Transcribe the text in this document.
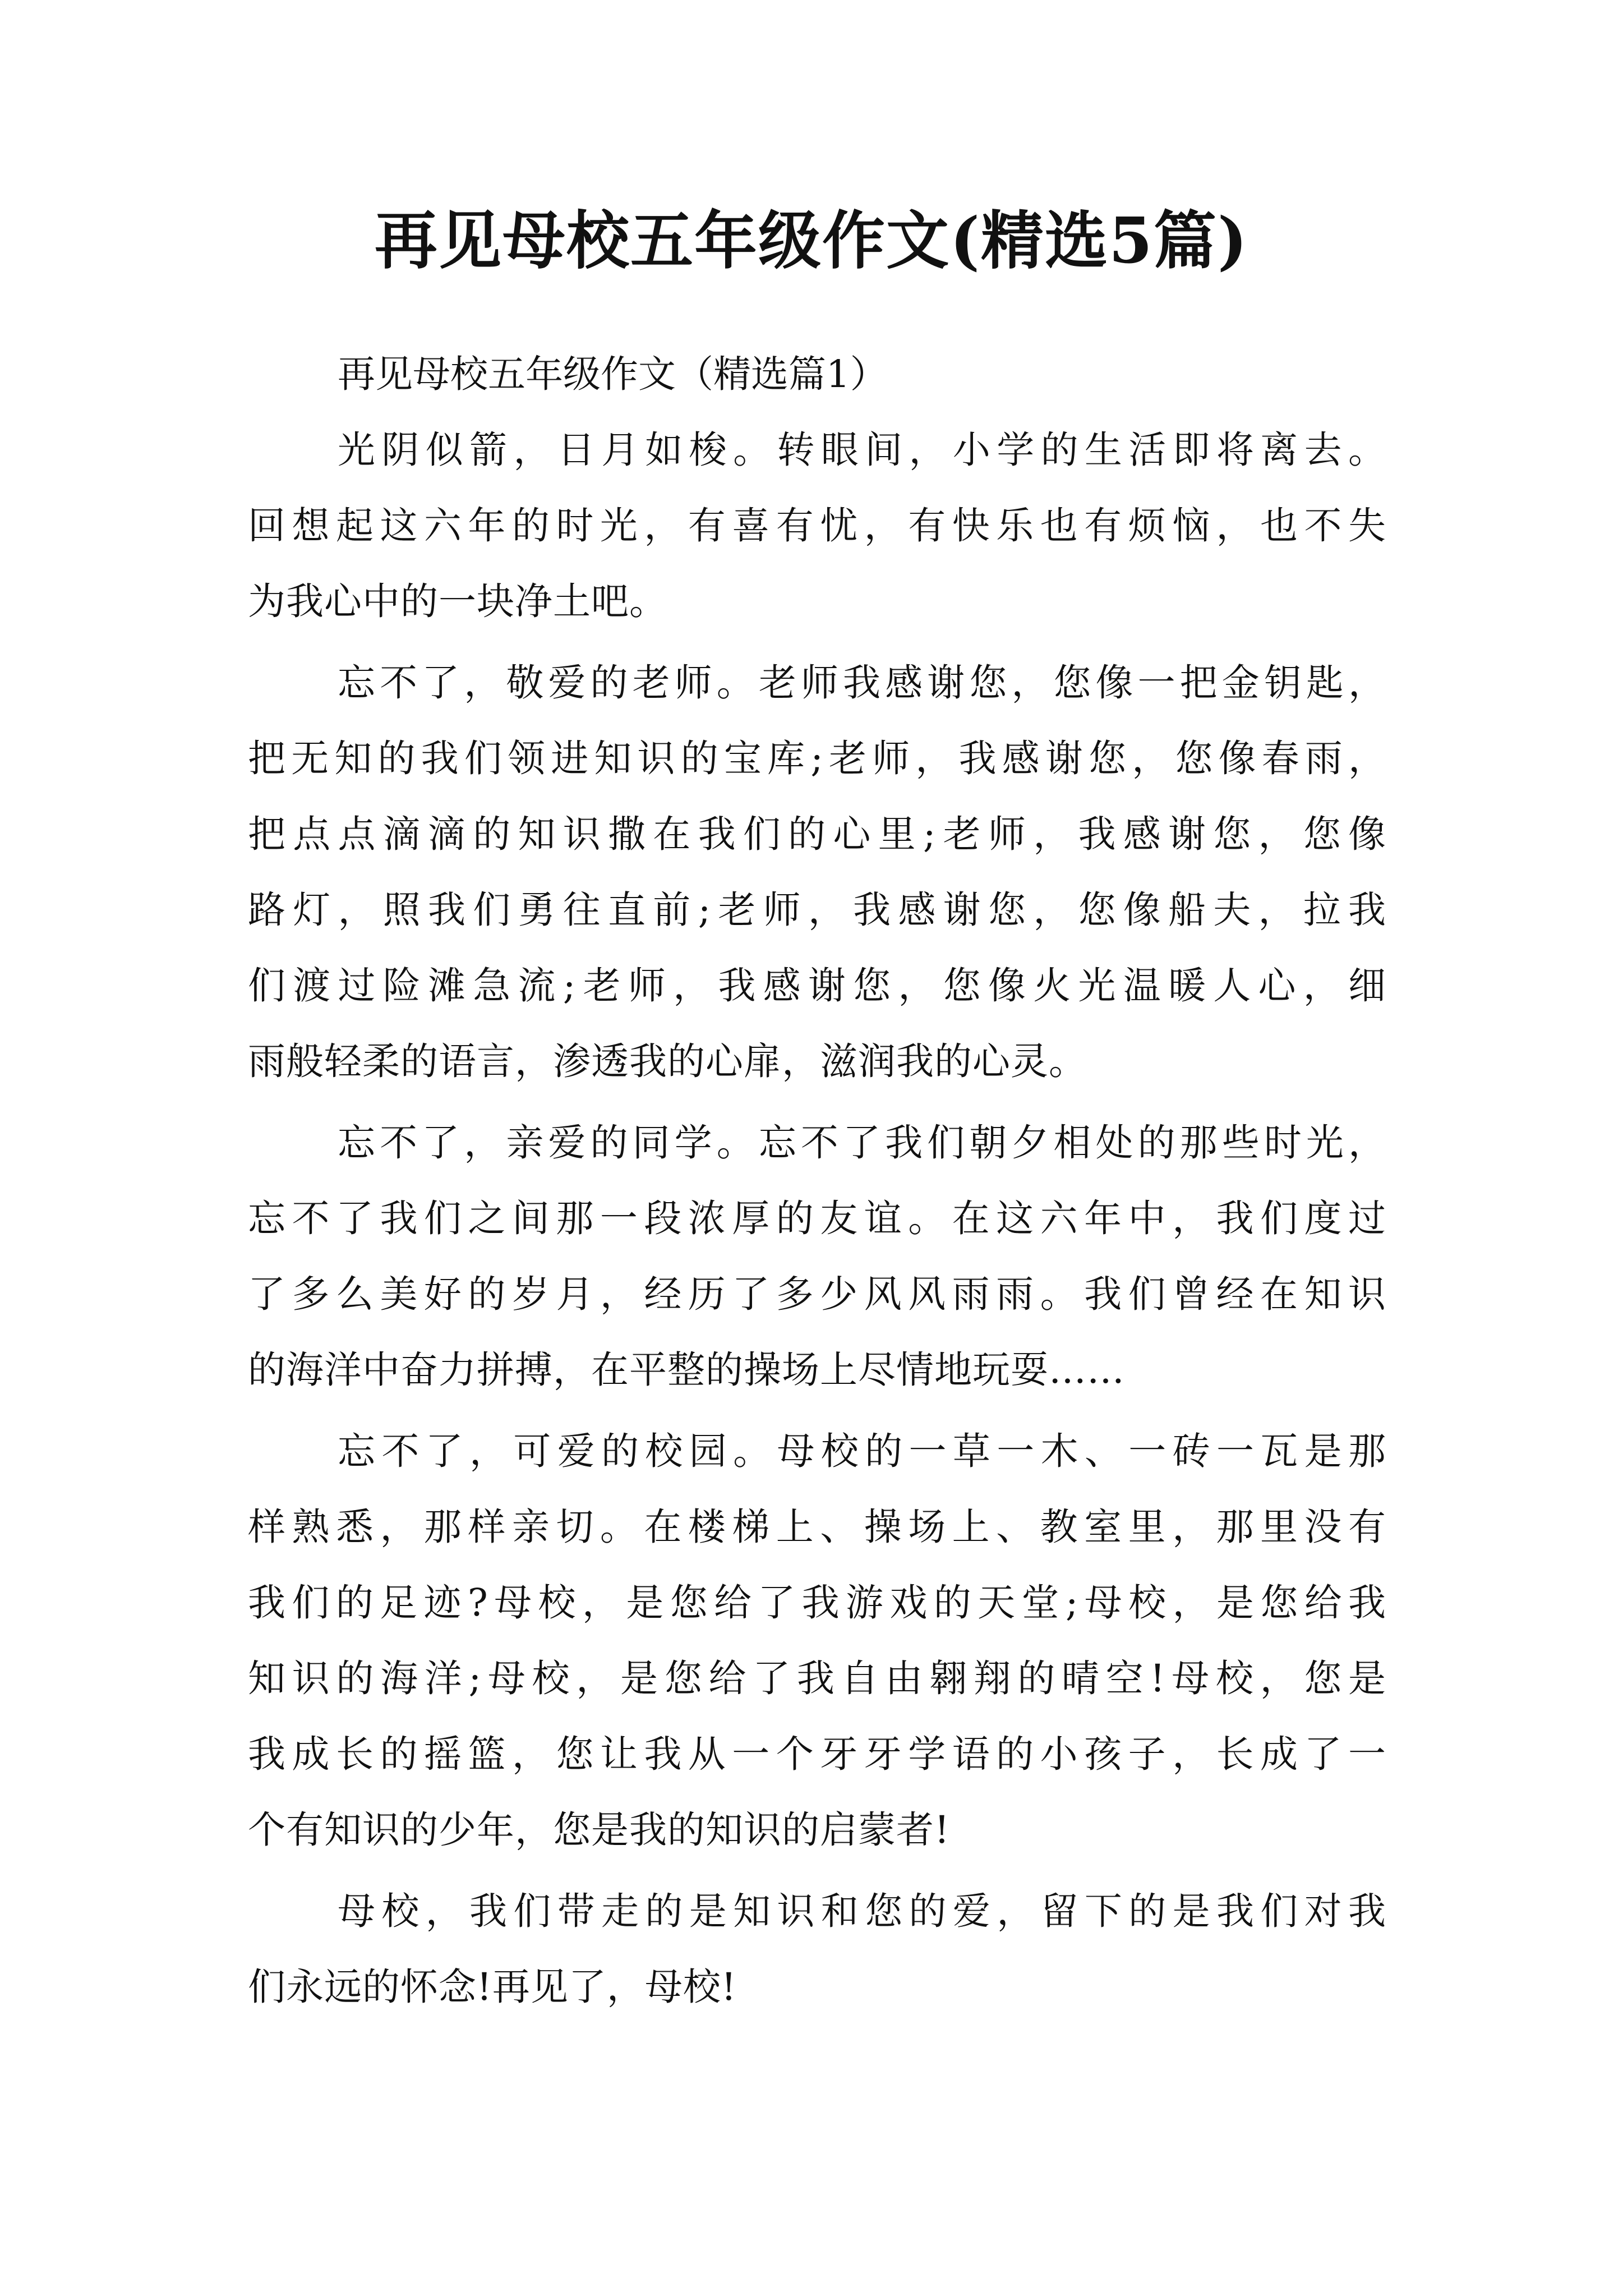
再见母校五年级作文(精选5篇)

再见母校五年级作文（精选篇1）

光阴似箭，日月如梭。转眼间，小学的生活即将离去。
回想起这六年的时光，有喜有忧，有快乐也有烦恼，也不失
为我心中的一块净土吧。
忘不了，敬爱的老师。老师我感谢您，您像一把金钥匙，
把无知的我们领进知识的宝库;老师，我感谢您，您像春雨，
把点点滴滴的知识撒在我们的心里;老师，我感谢您，您像
路灯，照我们勇往直前;老师，我感谢您，您像船夫，拉我
们渡过险滩急流;老师，我感谢您，您像火光温暖人心，细
雨般轻柔的语言，渗透我的心扉，滋润我的心灵。
忘不了，亲爱的同学。忘不了我们朝夕相处的那些时光，
忘不了我们之间那一段浓厚的友谊。在这六年中，我们度过
了多么美好的岁月，经历了多少风风雨雨。我们曾经在知识
的海洋中奋力拼搏，在平整的操场上尽情地玩耍……
忘不了，可爱的校园。母校的一草一木、一砖一瓦是那
样熟悉，那样亲切。在楼梯上、操场上、教室里，那里没有
我们的足迹?母校，是您给了我游戏的天堂;母校，是您给我
知识的海洋;母校，是您给了我自由翱翔的晴空!母校，您是
我成长的摇篮，您让我从一个牙牙学语的小孩子，长成了一
个有知识的少年，您是我的知识的启蒙者!
母校，我们带走的是知识和您的爱，留下的是我们对我
们永远的怀念!再见了，母校!
